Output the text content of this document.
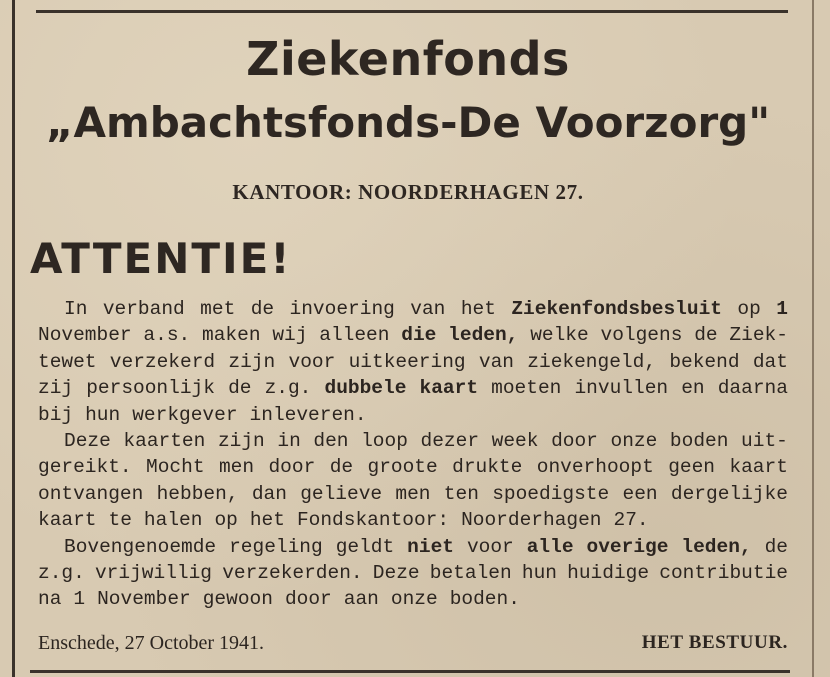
Ziekenfonds
„Ambachtsfonds-De Voorzorg"
KANTOOR: NOORDERHAGEN 27.
ATTENTIE!
In verband met de invoering van het Ziekenfondsbesluit op 1
November a.s. maken wij alleen die leden, welke volgens de Ziek-
tewet verzekerd zijn voor uitkeering van ziekengeld, bekend dat
zij persoonlijk de z.g. dubbele kaart moeten invullen en daarna
bij hun werkgever inleveren.
Deze kaarten zijn in den loop dezer week door onze boden uit-
gereikt. Mocht men door de groote drukte onverhoopt geen kaart
ontvangen hebben, dan gelieve men ten spoedigste een dergelijke
kaart te halen op het Fondskantoor: Noorderhagen 27.
Bovengenoemde regeling geldt niet voor alle overige leden, de
z.g. vrijwillig verzekerden. Deze betalen hun huidige contributie
na 1 November gewoon door aan onze boden.
Enschede, 27 October 1941.	HET BESTUUR.
